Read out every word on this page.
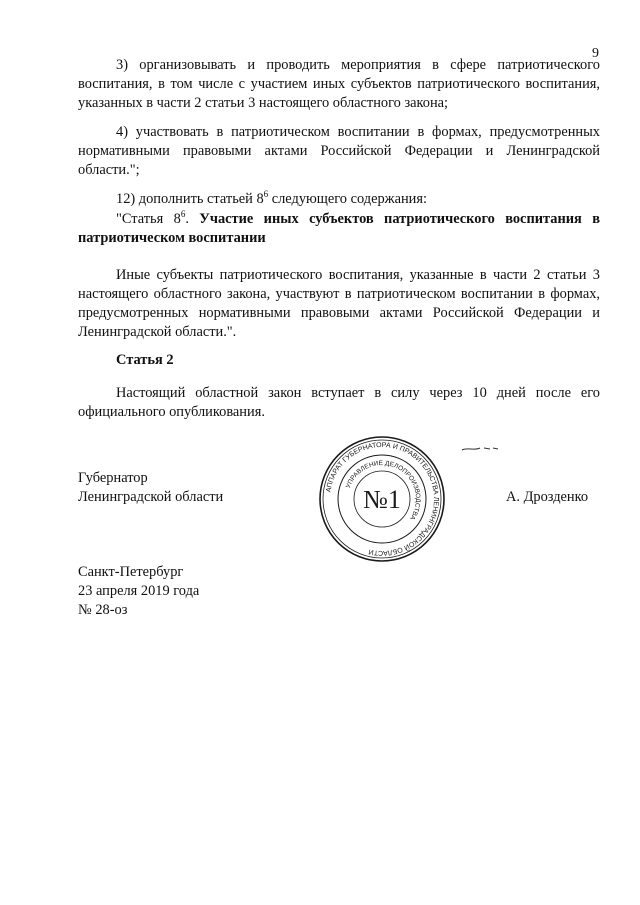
9

3) организовывать и проводить мероприятия в сфере патриотического воспитания, в том числе с участием иных субъектов патриотического воспитания, указанных в части 2 статьи 3 настоящего областного закона;

4) участвовать в патриотическом воспитании в формах, предусмотренных нормативными правовыми актами Российской Федерации и Ленинградской области.";

12) дополнить статьей $8^6$ следующего содержания:

"Статья $8^6$. Участие иных субъектов патриотического воспитания в патриотическом воспитании

Иные субъекты патриотического воспитания, указанные в части 2 статьи 3 настоящего областного закона, участвуют в патриотическом воспитании в формах, предусмотренных нормативными правовыми актами Российской Федерации и Ленинградской области.".

Статья 2

Настоящий областной закон вступает в силу через 10 дней после его официального опубликования.

Губернатор
Ленинградской области	А. Дрозденко
АППАРАТ ГУБЕРНАТОРА И ПРАВИТЕЛЬСТВА ЛЕНИНГРАДСКОЙ ОБЛАСТИ
УПРАВЛЕНИЕ ДЕЛОПРОИЗВОДСТВА
№1
Санкт-Петербург
23 апреля 2019 года
№ 28-оз
